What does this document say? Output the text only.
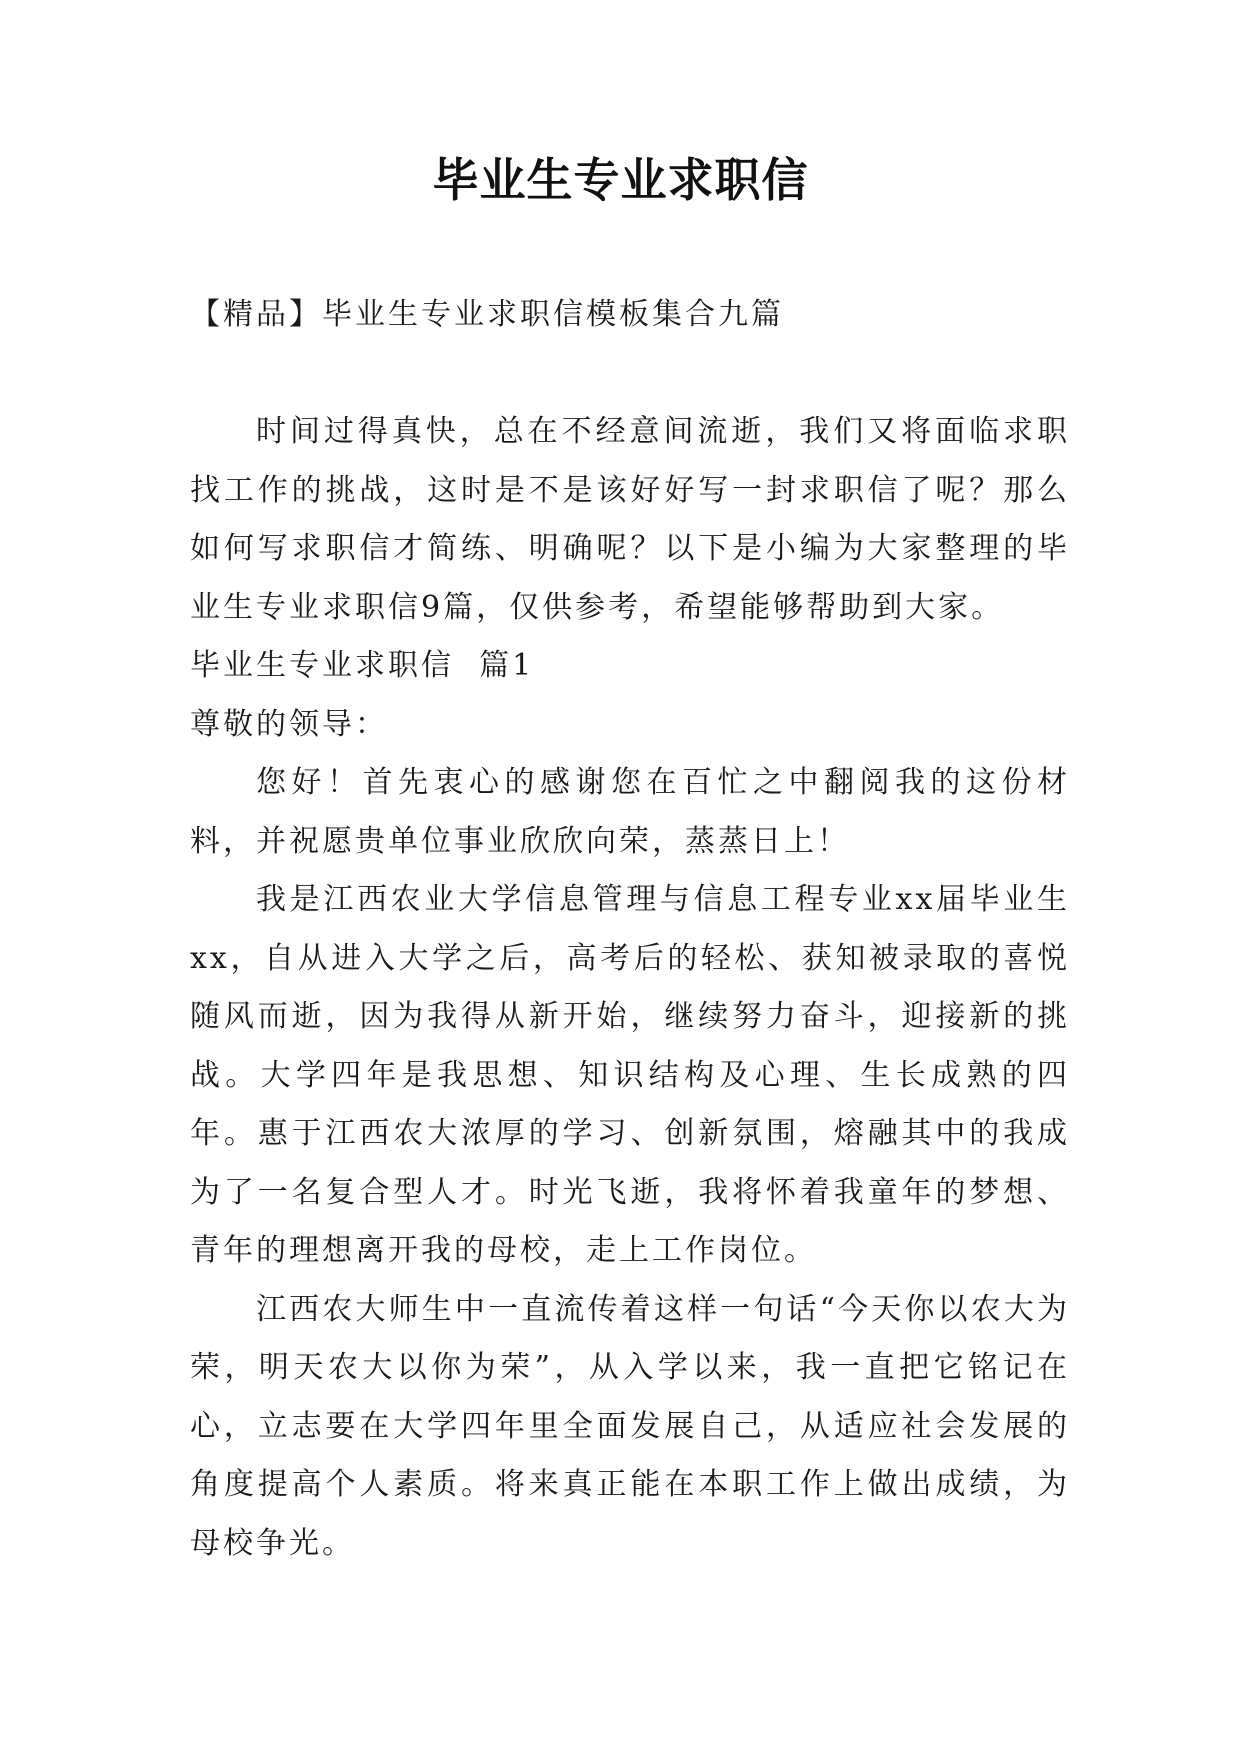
毕业生专业求职信
【精品】毕业生专业求职信模板集合九篇

时间过得真快，总在不经意间流逝，我们又将面临求职找工作的挑战，这时是不是该好好写一封求职信了呢？那么如何写求职信才简练、明确呢？以下是小编为大家整理的毕业生专业求职信9篇，仅供参考，希望能够帮助到大家。

毕业生专业求职信  篇1

尊敬的领导：

您好！首先衷心的感谢您在百忙之中翻阅我的这份材料，并祝愿贵单位事业欣欣向荣，蒸蒸日上！

我是江西农业大学信息管理与信息工程专业xx届毕业生xx，自从进入大学之后，高考后的轻松、获知被录取的喜悦随风而逝，因为我得从新开始，继续努力奋斗，迎接新的挑战。大学四年是我思想、知识结构及心理、生长成熟的四年。惠于江西农大浓厚的学习、创新氛围，熔融其中的我成为了一名复合型人才。时光飞逝，我将怀着我童年的梦想、青年的理想离开我的母校，走上工作岗位。

江西农大师生中一直流传着这样一句话“今天你以农大为荣，明天农大以你为荣”，从入学以来，我一直把它铭记在心，立志要在大学四年里全面发展自己，从适应社会发展的角度提高个人素质。将来真正能在本职工作上做出成绩，为母校争光。
